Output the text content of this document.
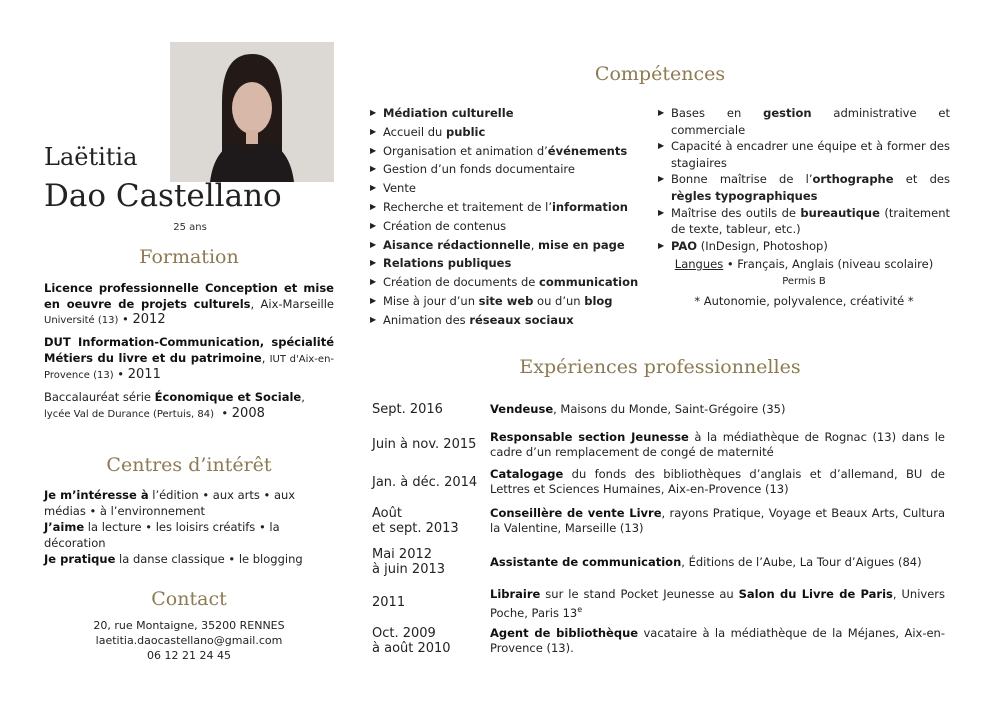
Laëtitia
Dao Castellano
25 ans
Formation
Licence professionnelle Conception et mise en oeuvre de projets culturels, Aix-Marseille Université (13) • 2012
DUT Information-Communication, spécialité Métiers du livre et du patrimoine, IUT d'Aix-en-Provence (13) • 2011
Baccalauréat série Économique et Sociale, lycée Val de Durance (Pertuis, 84)  • 2008
Centres d’intérêt
Je m’intéresse à l’édition • aux arts • aux médias • à l’environnement
J’aime la lecture • les loisirs créatifs • la décoration
Je pratique la danse classique • le blogging
Contact
20, rue Montaigne, 35200 RENNES
laetitia.daocastellano@gmail.com
06 12 21 24 45
Compétences
▶ Médiation culturelle
▶ Accueil du public
▶ Organisation et animation d’événements
▶ Gestion d’un fonds documentaire
▶ Vente
▶ Recherche et traitement de l’information
▶ Création de contenus
▶ Aisance rédactionnelle, mise en page
▶ Relations publiques
▶ Création de documents de communication
▶ Mise à jour d’un site web ou d’un blog
▶ Animation des réseaux sociaux
▶ Bases en gestion administrative et commerciale
▶ Capacité à encadrer une équipe et à former des stagiaires
▶ Bonne maîtrise de l’orthographe et des règles typographiques
▶ Maîtrise des outils de bureautique (traitement de texte, tableur, etc.)
▶ PAO (InDesign, Photoshop)
Langues • Français, Anglais (niveau scolaire)
Permis B
* Autonomie, polyvalence, créativité *
Expériences professionnelles
Sept. 2016	Vendeuse, Maisons du Monde, Saint-Grégoire (35)
Juin à nov. 2015 Responsable section Jeunesse à la médiathèque de Rognac (13) dans le cadre d’un remplacement de congé de maternité
Jan. à déc. 2014
Catalogage du fonds des bibliothèques d’anglais et d’allemand, BU de Lettres et Sciences Humaines, Aix-en-Provence (13)
Août
et sept. 2013
Conseillère de vente Livre, rayons Pratique, Voyage et Beaux Arts, Cultura la Valentine, Marseille (13)
Mai 2012
à juin 2013	Assistante de communication, Éditions de l’Aube, La Tour d’Aigues (84)
2011
Libraire sur le stand Pocket Jeunesse au Salon du Livre de Paris, Univers Poche, Paris 13e
Oct. 2009
à août 2010
Agent de bibliothèque vacataire à la médiathèque de la Méjanes, Aix-en-Provence (13).
